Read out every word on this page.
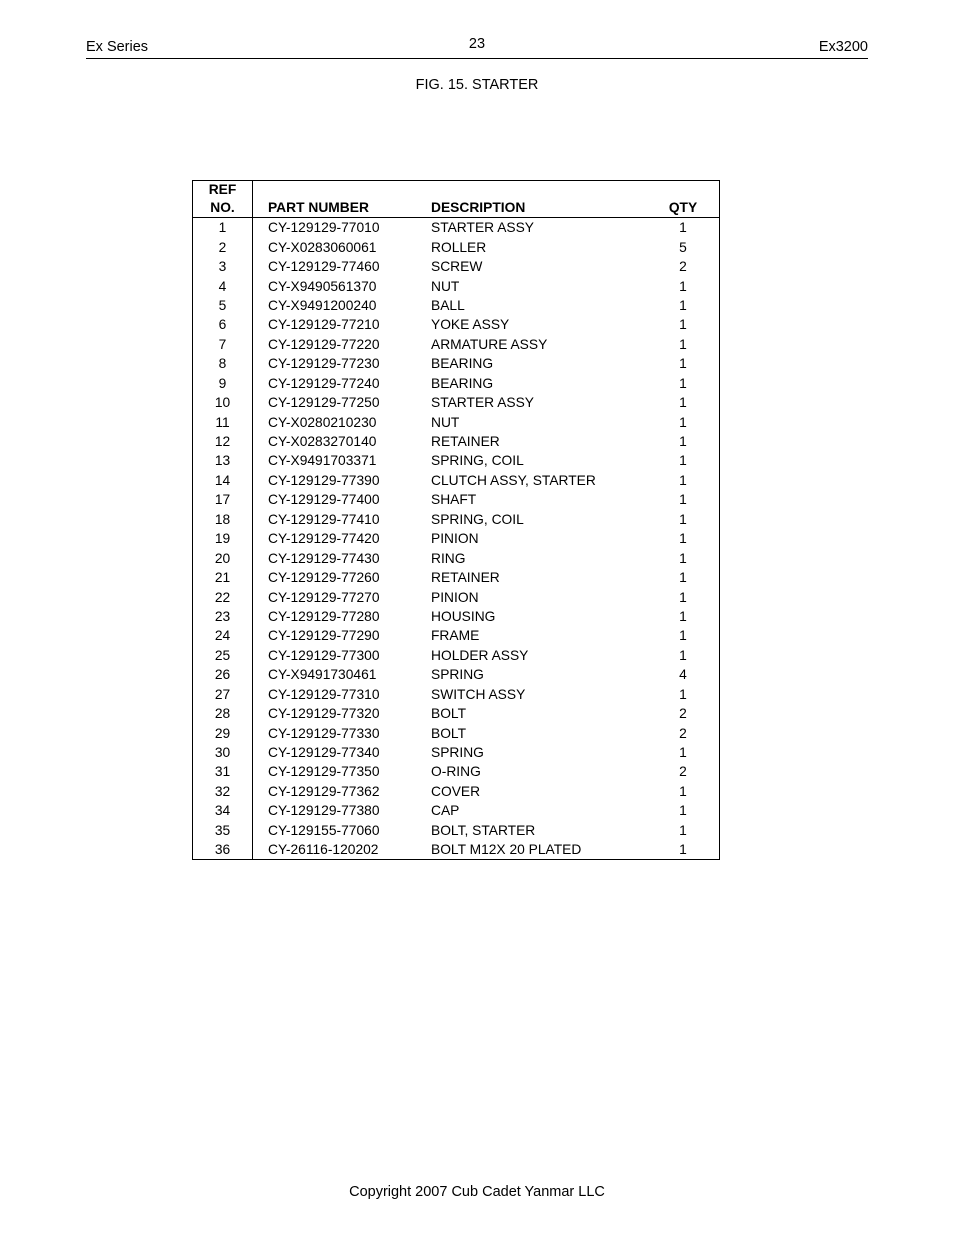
Ex Series	23	Ex3200
FIG. 15. STARTER
REF
NO.	PART NUMBER	DESCRIPTION	QTY
1	CY-129129-77010	STARTER ASSY	1
2	CY-X0283060061	ROLLER	5
3	CY-129129-77460	SCREW	2
4	CY-X9490561370	NUT	1
5	CY-X9491200240	BALL	1
6	CY-129129-77210	YOKE ASSY	1
7	CY-129129-77220	ARMATURE ASSY	1
8	CY-129129-77230	BEARING	1
9	CY-129129-77240	BEARING	1
10	CY-129129-77250	STARTER ASSY	1
11	CY-X0280210230	NUT	1
12	CY-X0283270140	RETAINER	1
13	CY-X9491703371	SPRING, COIL	1
14	CY-129129-77390	CLUTCH ASSY, STARTER	1
17	CY-129129-77400	SHAFT	1
18	CY-129129-77410	SPRING, COIL	1
19	CY-129129-77420	PINION	1
20	CY-129129-77430	RING	1
21	CY-129129-77260	RETAINER	1
22	CY-129129-77270	PINION	1
23	CY-129129-77280	HOUSING	1
24	CY-129129-77290	FRAME	1
25	CY-129129-77300	HOLDER ASSY	1
26	CY-X9491730461	SPRING	4
27	CY-129129-77310	SWITCH ASSY	1
28	CY-129129-77320	BOLT	2
29	CY-129129-77330	BOLT	2
30	CY-129129-77340	SPRING	1
31	CY-129129-77350	O-RING	2
32	CY-129129-77362	COVER	1
34	CY-129129-77380	CAP	1
35	CY-129155-77060	BOLT, STARTER	1
36	CY-26116-120202	BOLT M12X 20 PLATED	1
Copyright 2007 Cub Cadet Yanmar LLC
